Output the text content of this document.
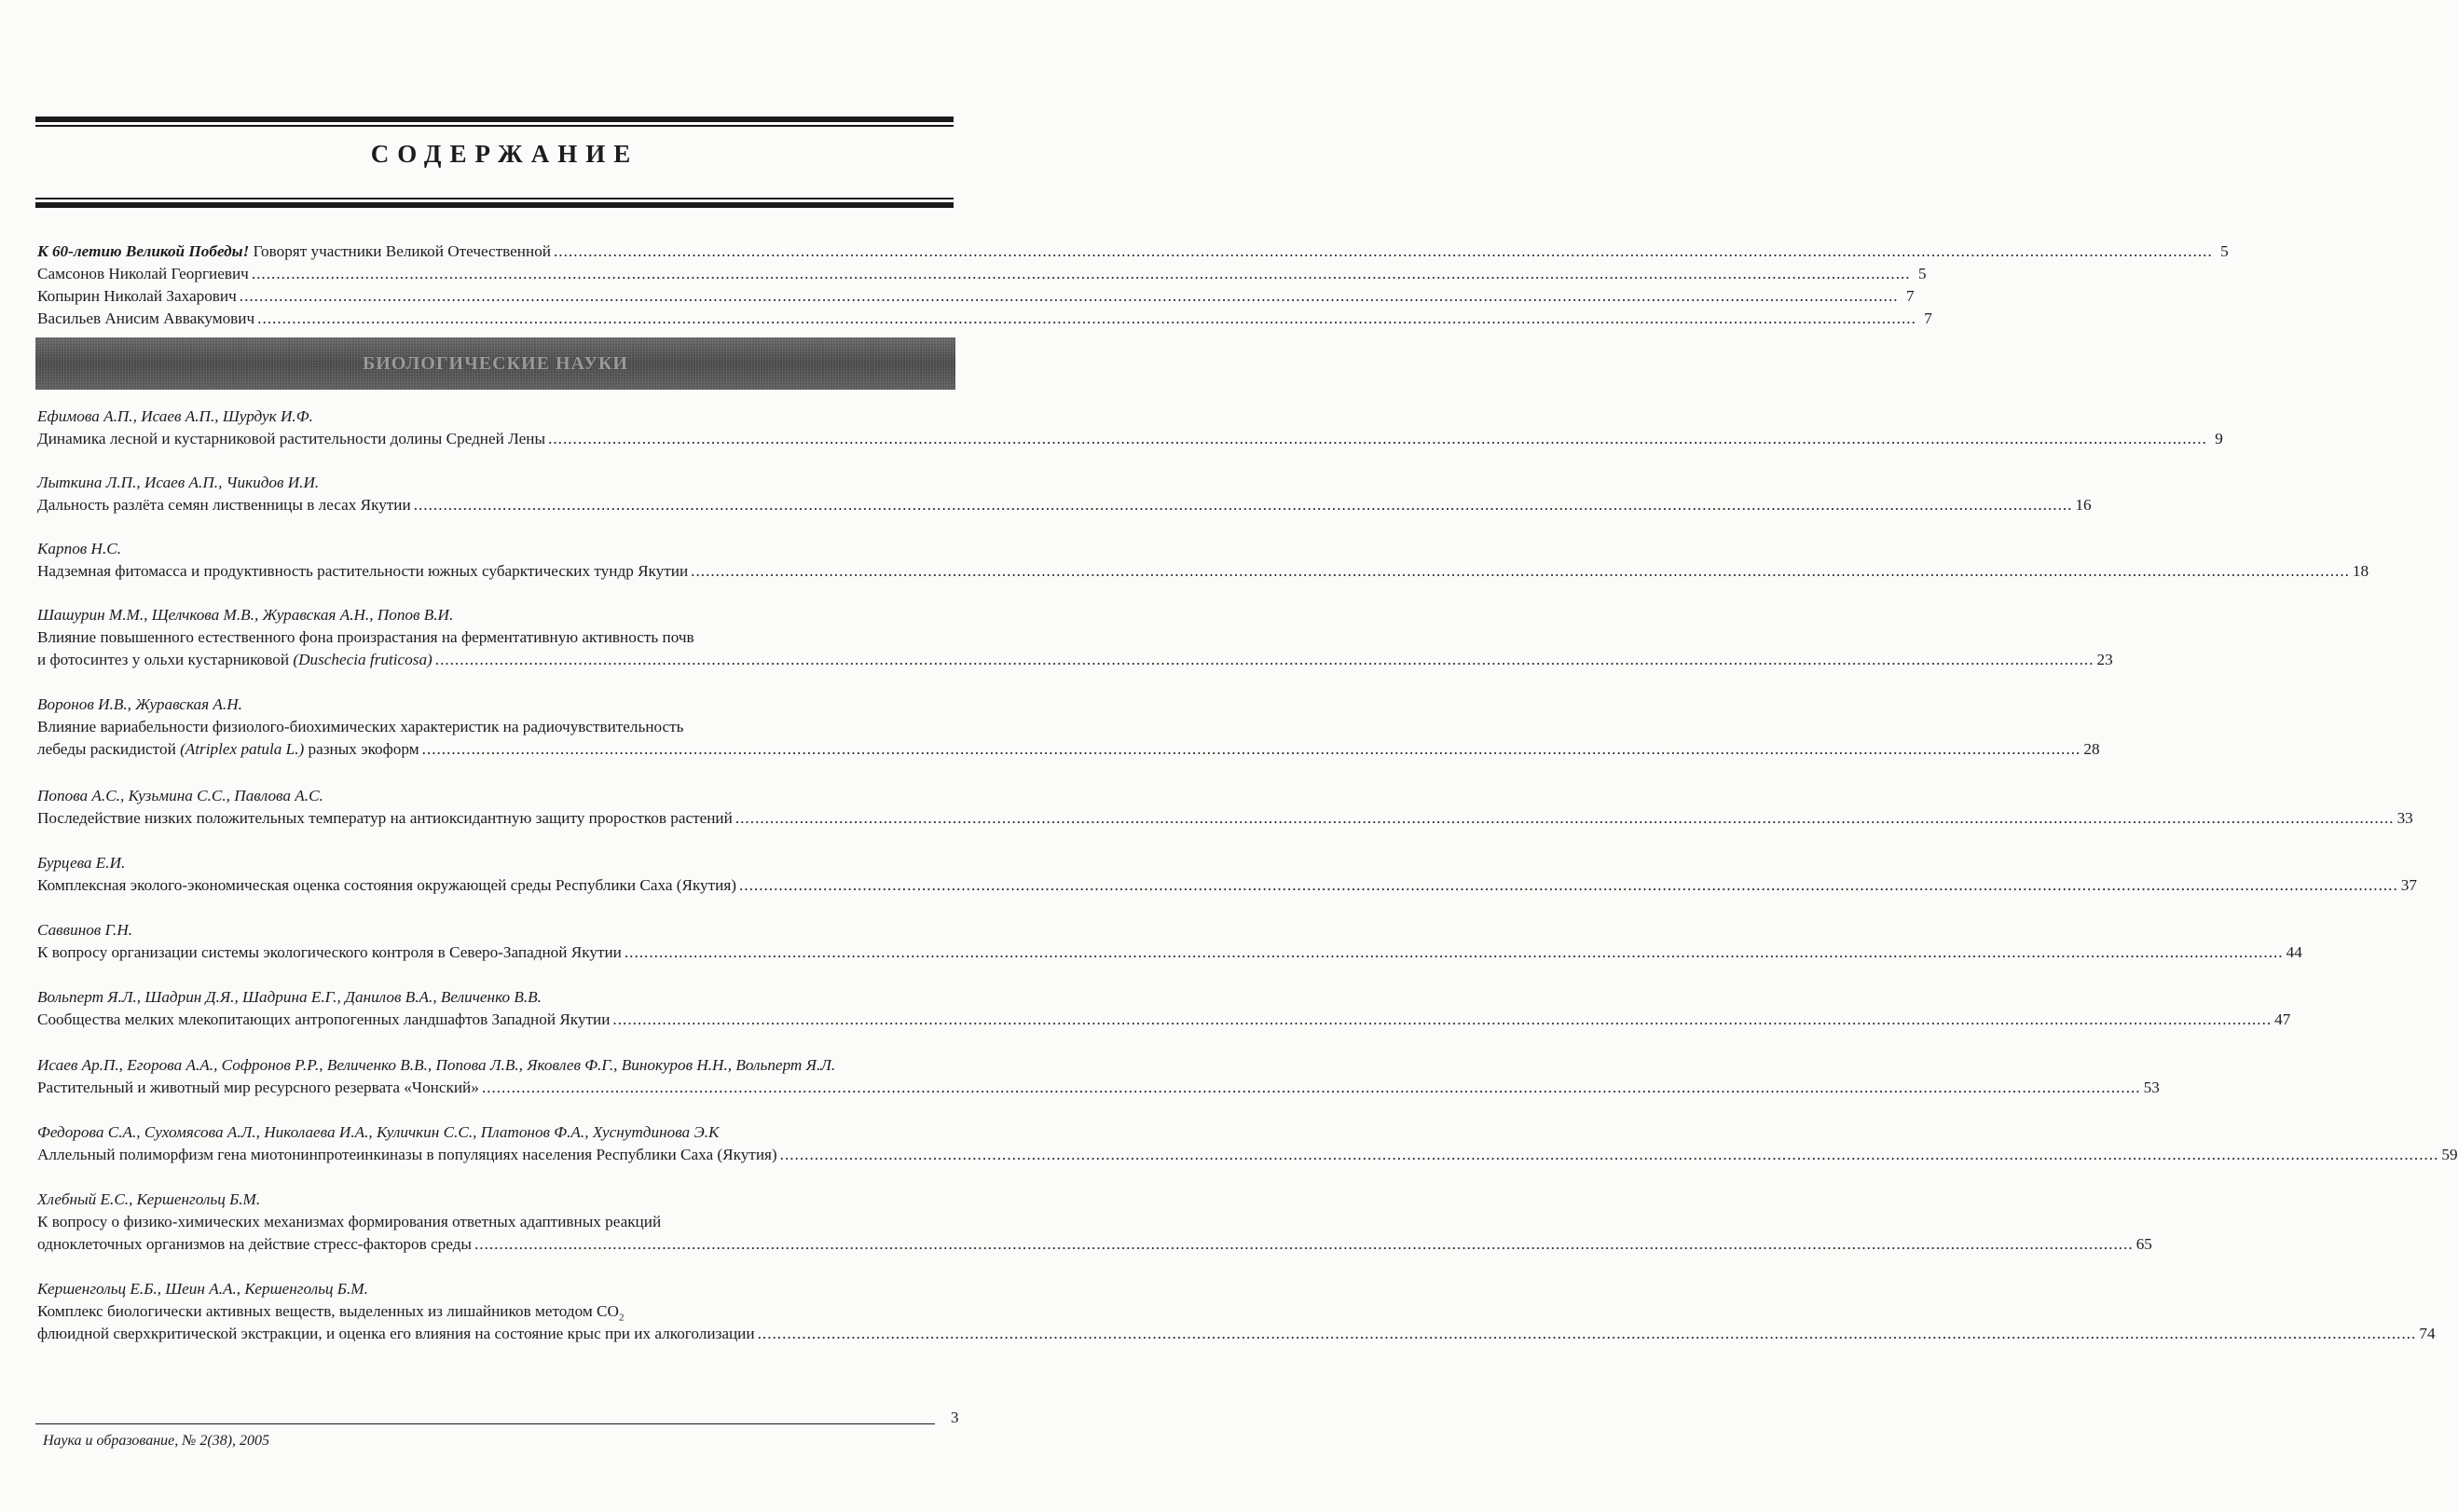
СОДЕРЖАНИЕ
К 60-летию Великой Победы! Говорят участники Великой Отечественной .....	5
Самсонов Николай Георгиевич .....	5
Копырин Николай Захарович .....	7
Васильев Анисим Аввакумович .....	7
БИОЛОГИЧЕСКИЕ НАУКИ
Ефимова А.П., Исаев А.П., Шурдук И.Ф.
Динамика лесной и кустарниковой растительности долины Средней Лены .....	9
Лыткина Л.П., Исаев А.П., Чикидов И.И.
Дальность разлёта семян лиственницы в лесах Якутии .....	16
Карпов Н.С.
Надземная фитомасса и продуктивность растительности южных субарктических тундр Якутии .....	18
Шашурин М.М., Щелчкова М.В., Журавская А.Н., Попов В.И.
Влияние повышенного естественного фона произрастания на ферментативную активность почв
и фотосинтез у ольхи кустарниковой (Duschecia fruticosa) .....	23
Воронов И.В., Журавская А.Н.
Влияние вариабельности физиолого-биохимических характеристик на радиочувствительность
лебеды раскидистой (Atriplex patula L.) разных экоформ .....	28
Попова А.С., Кузьмина С.С., Павлова А.С.
Последействие низких положительных температур на антиоксидантную защиту проростков растений .....	33
Бурцева Е.И.
Комплексная эколого-экономическая оценка состояния окружающей среды Республики Саха (Якутия) .....	37
Саввинов Г.Н.
К вопросу организации системы экологического контроля в Северо-Западной Якутии .....	44
Вольперт Я.Л., Шадрин Д.Я., Шадрина Е.Г., Данилов В.А., Величенко В.В.
Сообщества мелких млекопитающих антропогенных ландшафтов Западной Якутии .....	47
Исаев Ар.П., Егорова А.А., Софронов Р.Р., Величенко В.В., Попова Л.В., Яковлев Ф.Г., Винокуров Н.Н., Вольперт Я.Л.
Растительный и животный мир ресурсного резервата «Чонский» .....	53
Федорова С.А., Сухомясова А.Л., Николаева И.А., Куличкин С.С., Платонов Ф.А., Хуснутдинова Э.К
Аллельный полиморфизм гена миотонинпротеинкиназы в популяциях населения Республики Саха (Якутия) .....	59
Хлебный Е.С., Кершенгольц Б.М.
К вопросу о физико-химических механизмах формирования ответных адаптивных реакций
одноклеточных организмов на действие стресс-факторов среды .....	65
Кершенгольц Е.Б., Шеин А.А., Кершенгольц Б.М.
Комплекс биологически активных веществ, выделенных из лишайников методом $CO_2$
флюидной сверхкритической экстракции, и оценка его влияния на состояние крыс при их алкоголизации .....	74
3
Наука и образование, № 2(38), 2005
